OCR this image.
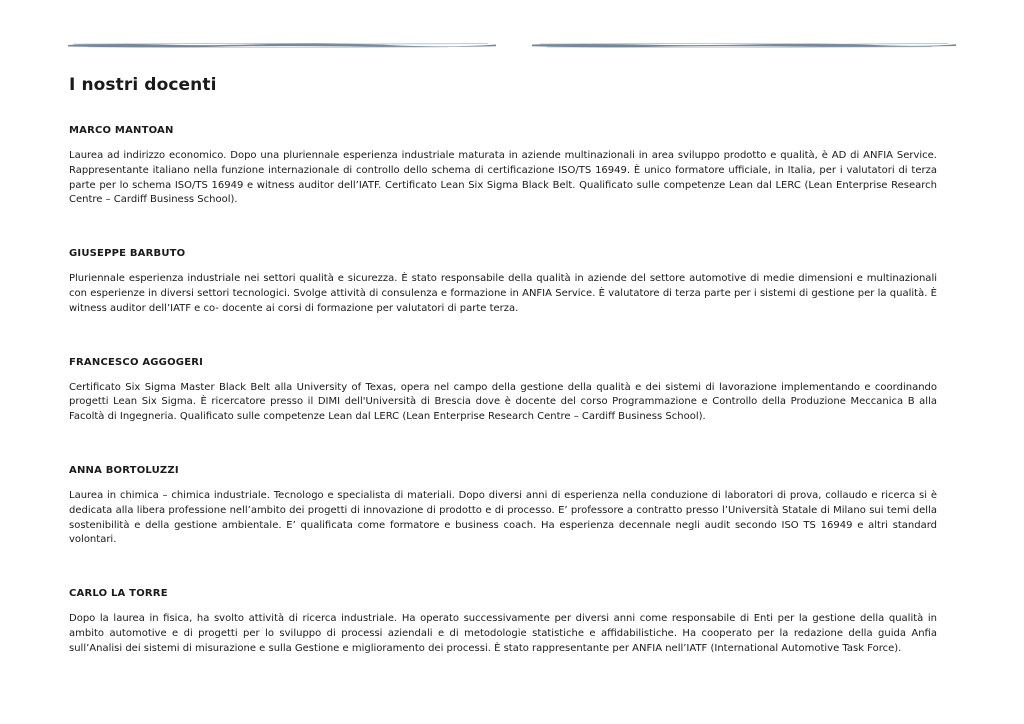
I nostri docenti

MARCO MANTOAN

Laurea ad indirizzo economico. Dopo una pluriennale esperienza industriale maturata in aziende multinazionali in area sviluppo prodotto e qualità, è AD di ANFIA Service. Rappresentante italiano nella funzione internazionale di controllo dello schema di certificazione ISO/TS 16949. È unico formatore ufficiale, in Italia, per i valutatori di terza parte per lo schema ISO/TS 16949 e witness auditor dell’IATF. Certificato Lean Six Sigma Black Belt. Qualificato sulle competenze Lean dal LERC (Lean Enterprise Research Centre – Cardiff Business School).

GIUSEPPE BARBUTO

Pluriennale esperienza industriale nei settori qualità e sicurezza. È stato responsabile della qualità in aziende del settore automotive di medie dimensioni e multinazionali con esperienze in diversi settori tecnologici. Svolge attività di consulenza e formazione in ANFIA Service. È valutatore di terza parte per i sistemi di gestione per la qualità. È witness auditor dell’IATF e co- docente ai corsi di formazione per valutatori di parte terza.

FRANCESCO AGGOGERI

Certificato Six Sigma Master Black Belt alla University of Texas, opera nel campo della gestione della qualità e dei sistemi di lavorazione implementando e coordinando progetti Lean Six Sigma. È ricercatore presso il DIMI dell'Università di Brescia dove è docente del corso Programmazione e Controllo della Produzione Meccanica B alla Facoltà di Ingegneria. Qualificato sulle competenze Lean dal LERC (Lean Enterprise Research Centre – Cardiff Business School).

ANNA BORTOLUZZI

Laurea in chimica – chimica industriale. Tecnologo e specialista di materiali. Dopo diversi anni di esperienza nella conduzione di laboratori di prova, collaudo e ricerca si è dedicata alla libera professione nell’ambito dei progetti di innovazione di prodotto e di processo. E’ professore a contratto presso l’Università Statale di Milano sui temi della sostenibilità e della gestione ambientale. E’ qualificata come formatore e business coach. Ha esperienza decennale negli audit secondo ISO TS 16949 e altri standard volontari.

CARLO LA TORRE

Dopo la laurea in fisica, ha svolto attività di ricerca industriale. Ha operato successivamente per diversi anni come responsabile di Enti per la gestione della qualità in ambito automotive e di progetti per lo sviluppo di processi aziendali e di metodologie statistiche e affidabilistiche. Ha cooperato per la redazione della guida Anfia sull’Analisi dei sistemi di misurazione e sulla Gestione e miglioramento dei processi. È stato rappresentante per ANFIA nell’IATF (International Automotive Task Force).
